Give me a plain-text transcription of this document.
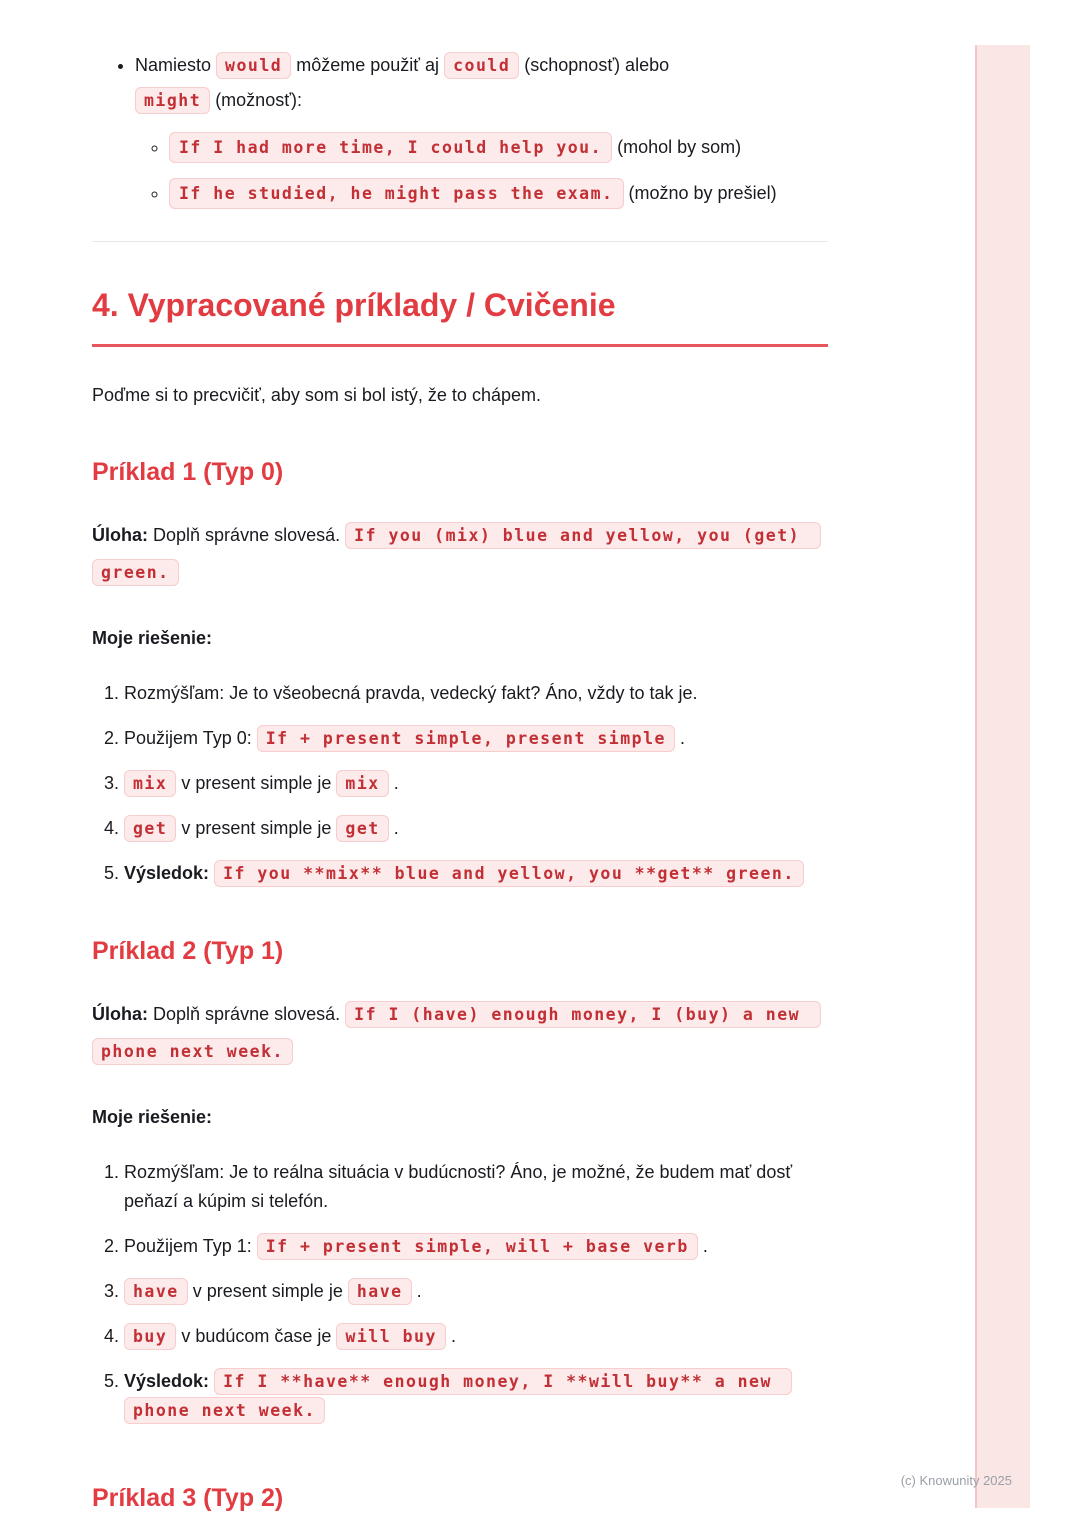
• Namiesto would môžeme použiť aj could (schopnosť) alebo
might (možnosť):
◦ If I had more time, I could help you. (mohol by som)
◦ If he studied, he might pass the exam. (možno by prešiel)
4. Vypracované príklady / Cvičenie

Poďme si to precvičiť, aby som si bol istý, že to chápem.

Príklad 1 (Typ 0)

Úloha: Doplň správne slovesá. If you (mix) blue and yellow, you (get) green.

Moje riešenie:

1. Rozmýšľam: Je to všeobecná pravda, vedecký fakt? Áno, vždy to tak je.
2. Použijem Typ 0: If + present simple, present simple .
3. mix v present simple je mix .
4. get v present simple je get .
5. Výsledok: If you **mix** blue and yellow, you **get** green.
Príklad 2 (Typ 1)

Úloha: Doplň správne slovesá. If I (have) enough money, I (buy) a new phone next week.

Moje riešenie:

1. Rozmýšľam: Je to reálna situácia v budúcnosti? Áno, je možné, že budem mať dosť peňazí a kúpim si telefón.
2. Použijem Typ 1: If + present simple, will + base verb .
3. have v present simple je have .
4. buy v budúcom čase je will buy .
5. Výsledok: If I **have** enough money, I **will buy** a new phone next week.
Príklad 3 (Typ 2)
(c) Knowunity 2025
